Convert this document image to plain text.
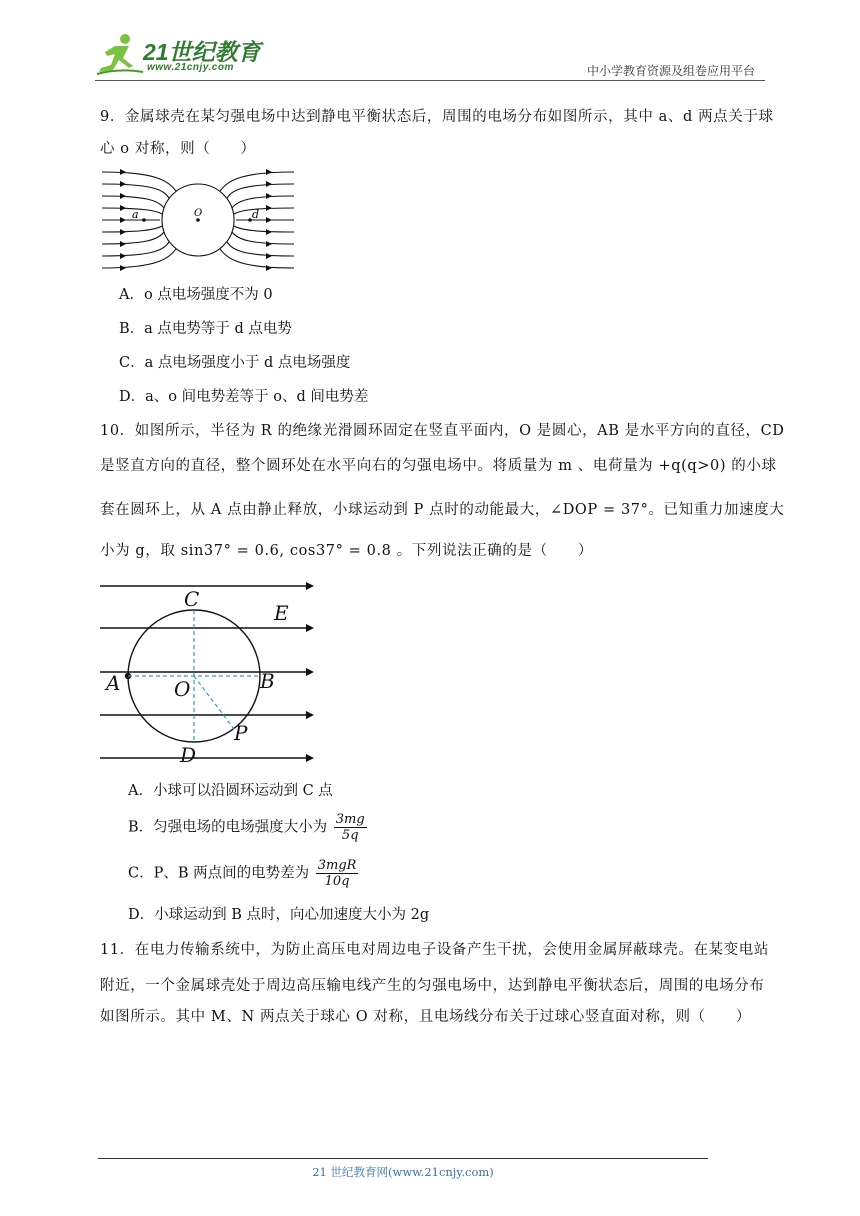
21世纪教育
www.21cnjy.com	中小学教育资源及组卷应用平台
9．金属球壳在某匀强电场中达到静电平衡状态后，周围的电场分布如图所示，其中 a、d 两点关于球
心 o 对称，则（　　）
a	O	d
A．o 点电场强度不为 0
B．a 点电势等于 d 点电势
C．a 点电场强度小于 d 点电场强度
D．a、o 间电势差等于 o、d 间电势差
10．如图所示，半径为 R 的绝缘光滑圆环固定在竖直平面内，O 是圆心，AB 是水平方向的直径，CD
是竖直方向的直径，整个圆环处在水平向右的匀强电场中。将质量为 m 、电荷量为 +q(q>0) 的小球
套在圆环上，从 A 点由静止释放，小球运动到 P 点时的动能最大，∠DOP = 37°。已知重力加速度大
小为 g，取 sin37° = 0.6, cos37° = 0.8 。下列说法正确的是（　　）
C
E
A	O	B
P
D
A．小球可以沿圆环运动到 C 点
B．匀强电场的电场强度大小为 $\frac{3mg}{5q}$
C．P、B 两点间的电势差为 $\frac{\text{3mgR}}{10q}$
D．小球运动到 B 点时，向心加速度大小为 2g
11．在电力传输系统中，为防止高压电对周边电子设备产生干扰，会使用金属屏蔽球壳。在某变电站
附近，一个金属球壳处于周边高压输电线产生的匀强电场中，达到静电平衡状态后，周围的电场分布
如图所示。其中 M、N 两点关于球心 O 对称，且电场线分布关于过球心竖直面对称，则（　　）
21 世纪教育网(www.21cnjy.com)
